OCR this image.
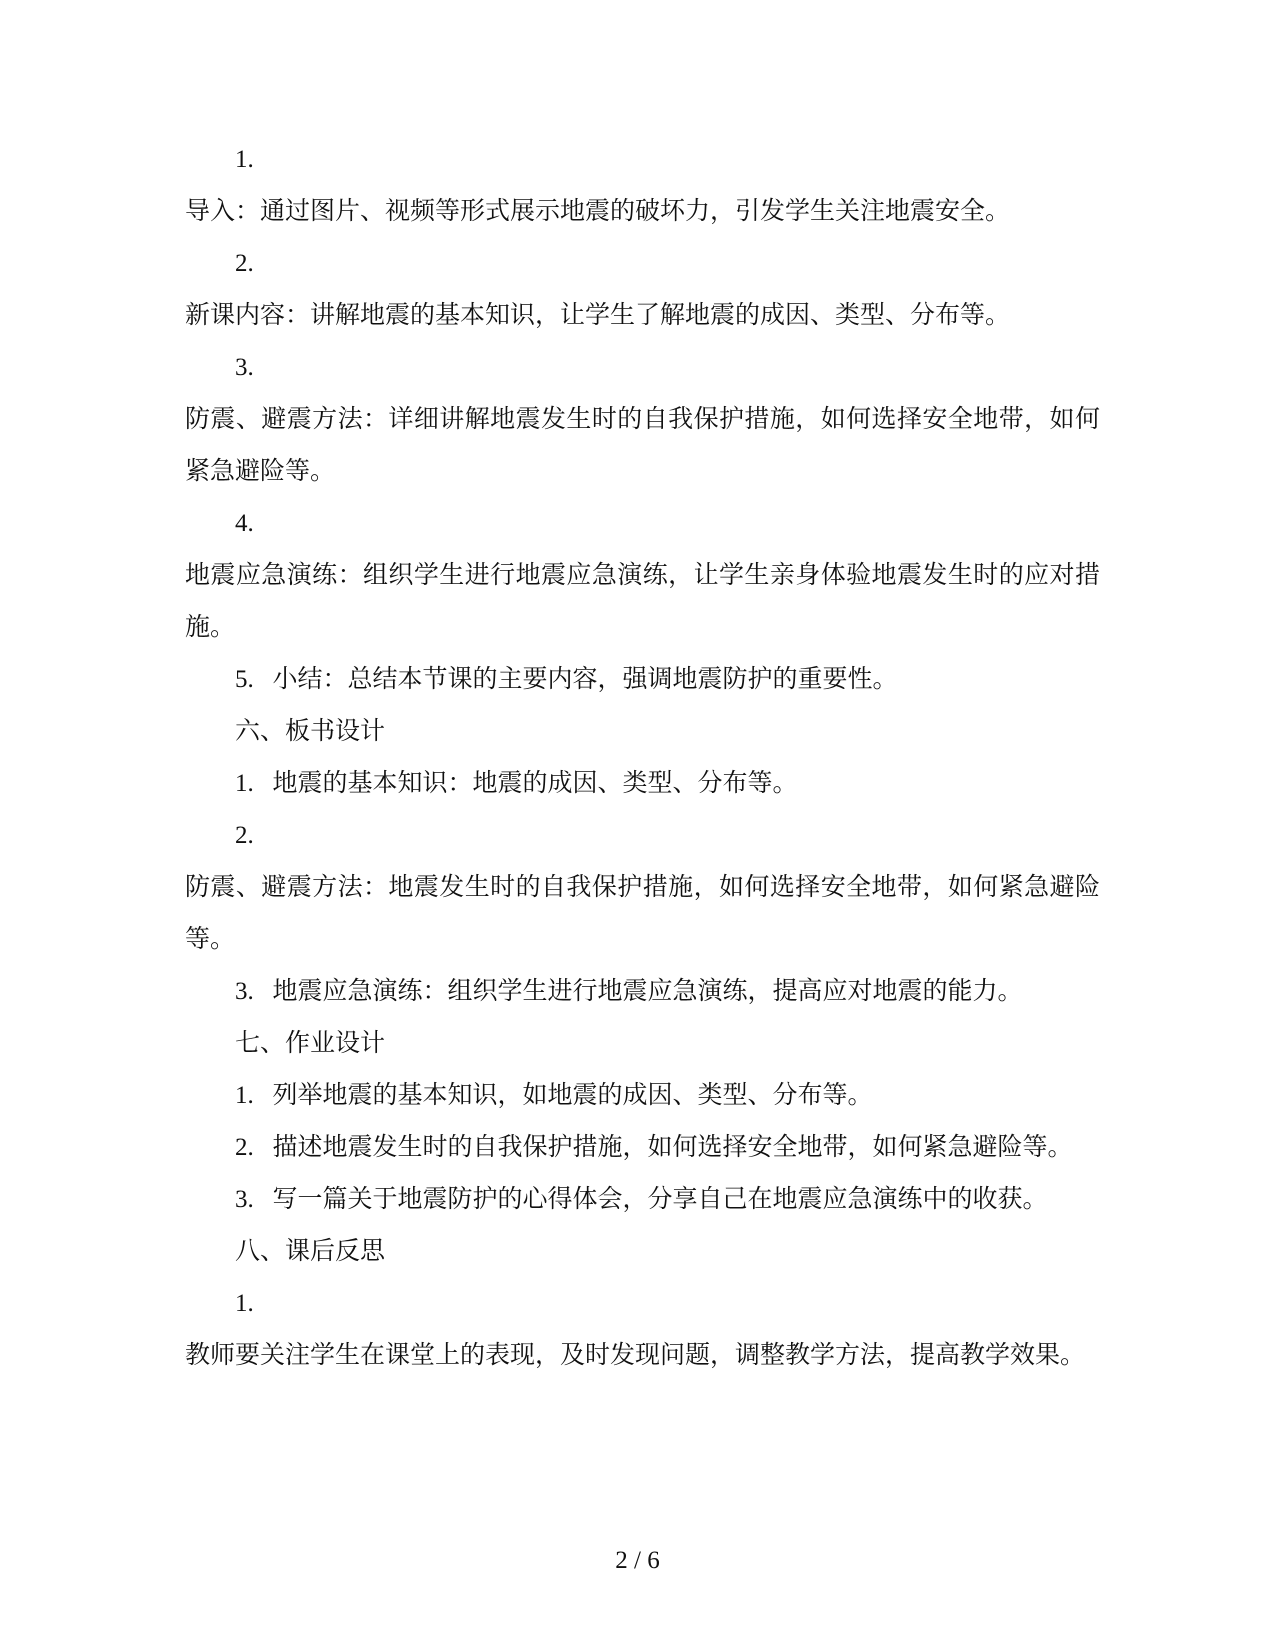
1.

导入：通过图片、视频等形式展示地震的破坏力，引发学生关注地震安全。

2.

新课内容：讲解地震的基本知识，让学生了解地震的成因、类型、分布等。

3.

防震、避震方法：详细讲解地震发生时的自我保护措施，如何选择安全地带，如何紧急避险等。

4.

地震应急演练：组织学生进行地震应急演练，让学生亲身体验地震发生时的应对措施。

5.   小结：总结本节课的主要内容，强调地震防护的重要性。

六、板书设计

1.   地震的基本知识：地震的成因、类型、分布等。

2.

防震、避震方法：地震发生时的自我保护措施，如何选择安全地带，如何紧急避险等。

3.   地震应急演练：组织学生进行地震应急演练，提高应对地震的能力。

七、作业设计

1.   列举地震的基本知识，如地震的成因、类型、分布等。

2.   描述地震发生时的自我保护措施，如何选择安全地带，如何紧急避险等。

3.   写一篇关于地震防护的心得体会，分享自己在地震应急演练中的收获。

八、课后反思

1.

教师要关注学生在课堂上的表现，及时发现问题，调整教学方法，提高教学效果。

2 / 6
